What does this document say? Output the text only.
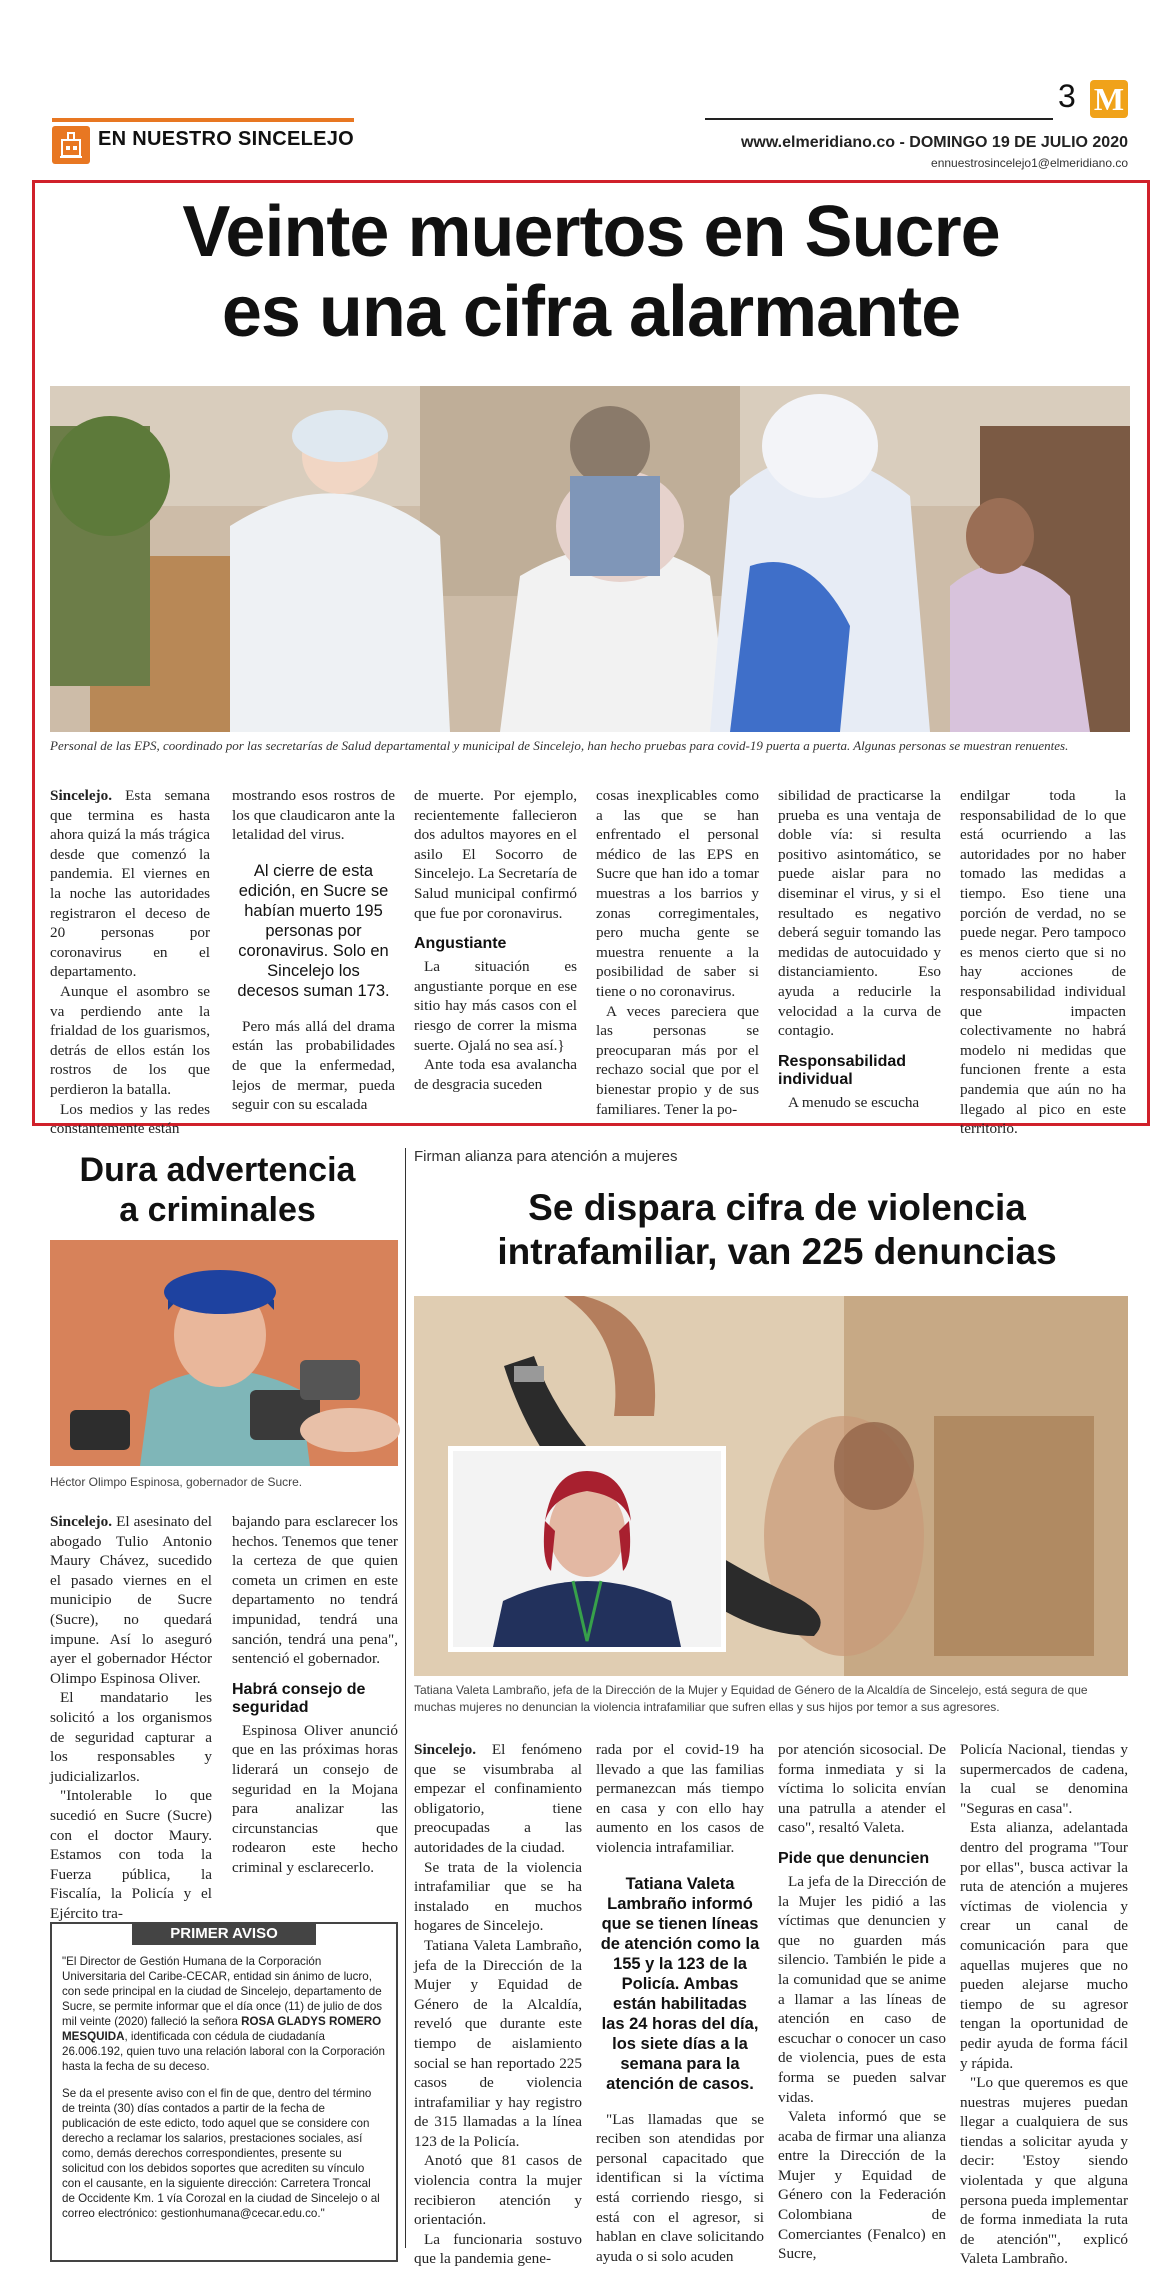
EN NUESTRO SINCELEJO
3 M
www.elmeridiano.co - DOMINGO 19 DE JULIO 2020
ennuestrosincelejo1@elmeridiano.co
Veinte muertos en Sucre
es una cifra alarmante
Personal de las EPS, coordinado por las secretarías de Salud departamental y municipal de Sincelejo, han hecho pruebas para covid-19 puerta a puerta. Algunas personas se muestran renuentes.

Sincelejo. Esta semana que termina es hasta ahora quizá la más trágica desde que comenzó la pandemia. El viernes en la noche las autoridades registraron el deceso de 20 personas por coronavirus en el departamento.

Aunque el asombro se va perdiendo ante la frialdad de los guarismos, detrás de ellos están los rostros de los que perdieron la batalla.

Los medios y las redes constantemente están

mostrando esos rostros de los que claudicaron ante la letalidad del virus.

Al cierre de esta edición, en Sucre se habían muerto 195 personas por coronavirus. Solo en Sincelejo los decesos suman 173.

Pero más allá del drama están las probabilidades de que la enfermedad, lejos de mermar, pueda seguir con su escalada

de muerte. Por ejemplo, recientemente fallecieron dos adultos mayores en el asilo El Socorro de Sincelejo. La Secretaría de Salud municipal confirmó que fue por coronavirus.

Angustiante

La situación es angustiante porque en ese sitio hay más casos con el riesgo de correr la misma suerte. Ojalá no sea así.}

Ante toda esa avalancha de desgracia suceden

cosas inexplicables como a las que se han enfrentado el personal médico de las EPS en Sucre que han ido a tomar muestras a los barrios y zonas corregimentales, pero mucha gente se muestra renuente a la posibilidad de saber si tiene o no coronavirus.

A veces pareciera que las personas se preocuparan más por el rechazo social que por el bienestar propio y de sus familiares. Tener la po-

sibilidad de practicarse la prueba es una ventaja de doble vía: si resulta positivo asintomático, se puede aislar para no diseminar el virus, y si el resultado es negativo deberá seguir tomando las medidas de autocuidado y distanciamiento. Eso ayuda a reducirle la velocidad a la curva de contagio.

Responsabilidad individual

A menudo se escucha

endilgar toda la responsabilidad de lo que está ocurriendo a las autoridades por no haber tomado las medidas a tiempo. Eso tiene una porción de verdad, no se puede negar. Pero tampoco es menos cierto que si no hay acciones de responsabilidad individual que impacten colectivamente no habrá modelo ni medidas que funcionen frente a esta pandemia que aún no ha llegado al pico en este territorio.

Dura advertencia
a criminales
Héctor Olimpo Espinosa, gobernador de Sucre.

Sincelejo. El asesinato del abogado Tulio Antonio Maury Chávez, sucedido el pasado viernes en el municipio de Sucre (Sucre), no quedará impune. Así lo aseguró ayer el gobernador Héctor Olimpo Espinosa Oliver.

El mandatario les solicitó a los organismos de seguridad capturar a los responsables y judicializarlos.

"Intolerable lo que sucedió en Sucre (Sucre) con el doctor Maury. Estamos con toda la Fuerza pública, la Fiscalía, la Policía y el Ejército tra-

bajando para esclarecer los hechos. Tenemos que tener la certeza de que quien cometa un crimen en este departamento no tendrá impunidad, tendrá una sanción, tendrá una pena", sentenció el gobernador.

Habrá consejo de seguridad

Espinosa Oliver anunció que en las próximas horas liderará un consejo de seguridad en la Mojana para analizar las circunstancias que rodearon este hecho criminal y esclarecerlo.

PRIMER AVISO

"El Director de Gestión Humana de la Corporación Universitaria del Caribe-CECAR, entidad sin ánimo de lucro, con sede principal en la ciudad de Sincelejo, departamento de Sucre, se permite informar que el día once (11) de julio de dos mil veinte (2020) falleció la señora ROSA GLADYS ROMERO MESQUIDA, identificada con cédula de ciudadanía 26.006.192, quien tuvo una relación laboral con la Corporación hasta la fecha de su deceso.

Se da el presente aviso con el fin de que, dentro del término de treinta (30) días contados a partir de la fecha de publicación de este edicto, todo aquel que se considere con derecho a reclamar los salarios, prestaciones sociales, así como, demás derechos correspondientes, presente su solicitud con los debidos soportes que acrediten su vínculo con el causante, en la siguiente dirección: Carretera Troncal de Occidente Km. 1 vía Corozal en la ciudad de Sincelejo o al correo electrónico: gestionhumana@cecar.edu.co."

Firman alianza para atención a mujeres
Se dispara cifra de violencia
intrafamiliar, van 225 denuncias
Tatiana Valeta Lambraño, jefa de la Dirección de la Mujer y Equidad de Género de la Alcaldía de Sincelejo, está segura de que muchas mujeres no denuncian la violencia intrafamiliar que sufren ellas y sus hijos por temor a sus agresores.

Sincelejo. El fenómeno que se visumbraba al empezar el confinamiento obligatorio, tiene preocupadas a las autoridades de la ciudad.

Se trata de la violencia intrafamiliar que se ha instalado en muchos hogares de Sincelejo.

Tatiana Valeta Lambraño, jefa de la Dirección de la Mujer y Equidad de Género de la Alcaldía, reveló que durante este tiempo de aislamiento social se han reportado 225 casos de violencia intrafamiliar y hay registro de 315 llamadas a la línea 123 de la Policía.

Anotó que 81 casos de violencia contra la mujer recibieron atención y orientación.

La funcionaria sostuvo que la pandemia gene-

rada por el covid-19 ha llevado a que las familias permanezcan más tiempo en casa y con ello hay aumento en los casos de violencia intrafamiliar.

Tatiana Valeta Lambraño informó que se tienen líneas de atención como la 155 y la 123 de la Policía. Ambas están habilitadas las 24 horas del día, los siete días a la semana para la atención de casos.

"Las llamadas que se reciben son atendidas por personal capacitado que identifican si la víctima está corriendo riesgo, si está con el agresor, si hablan en clave solicitando ayuda o si solo acuden

por atención sicosocial. De forma inmediata y si la víctima lo solicita envían una patrulla a atender el caso", resaltó Valeta.

Pide que denuncien

La jefa de la Dirección de la Mujer les pidió a las víctimas que denuncien y que no guarden más silencio. También le pide a la comunidad que se anime a llamar a las líneas de atención en caso de escuchar o conocer un caso de violencia, pues de esta forma se pueden salvar vidas.

Valeta informó que se acaba de firmar una alianza entre la Dirección de la Mujer y Equidad de Género con la Federación Colombiana de Comerciantes (Fenalco) en Sucre,

Policía Nacional, tiendas y supermercados de cadena, la cual se denomina "Seguras en casa".

Esta alianza, adelantada dentro del programa "Tour por ellas", busca activar la ruta de atención a mujeres víctimas de violencia y crear un canal de comunicación para que aquellas mujeres que no pueden alejarse mucho tiempo de su agresor tengan la oportunidad de pedir ayuda de forma fácil y rápida.

"Lo que queremos es que nuestras mujeres puedan llegar a cualquiera de sus tiendas a solicitar ayuda y decir: 'Estoy siendo violentada y que alguna persona pueda implementar de forma inmediata la ruta de atención'", explicó Valeta Lambraño.
